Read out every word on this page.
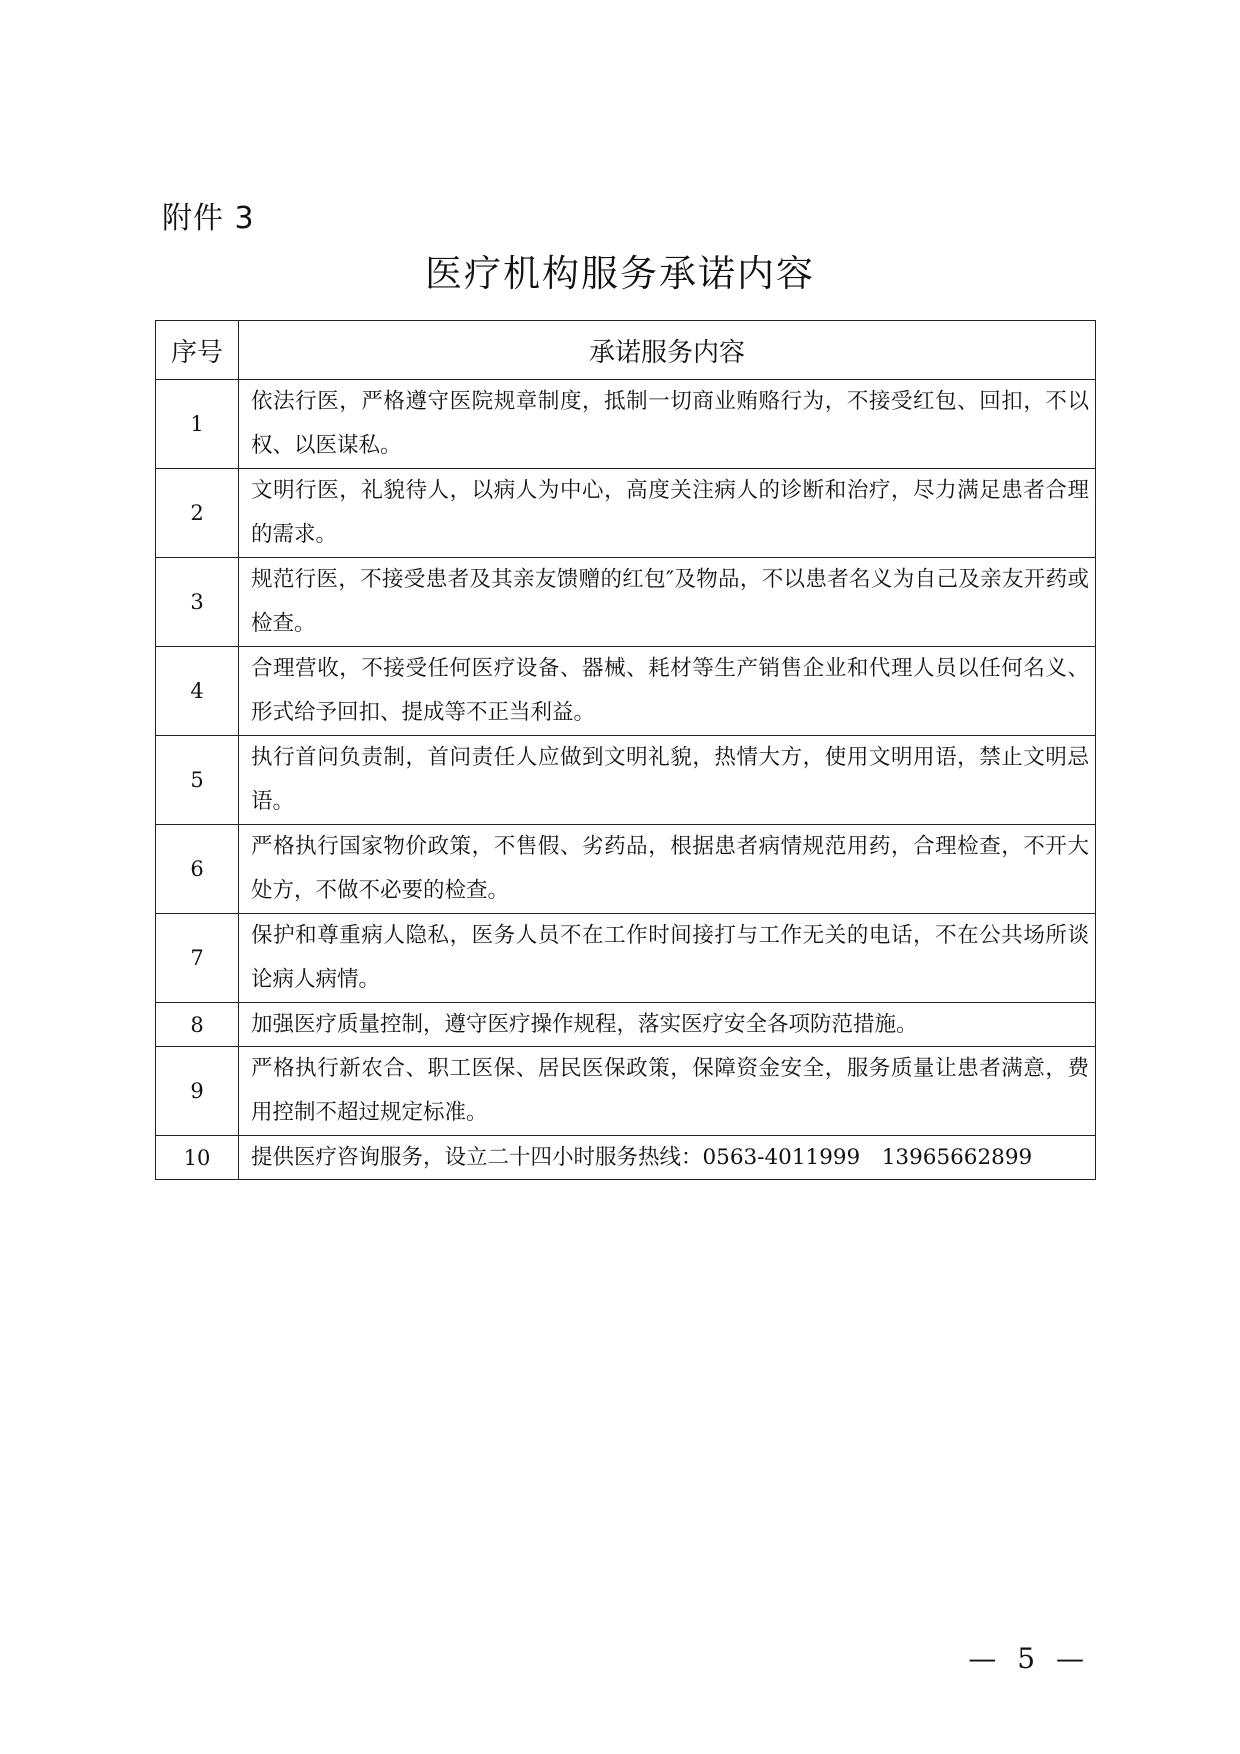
附件 3
医疗机构服务承诺内容
序号	承诺服务内容
1	依法行医，严格遵守医院规章制度，抵制一切商业贿赂行为，不接受红包、回扣，不以权、以医谋私。
2	文明行医，礼貌待人，以病人为中心，高度关注病人的诊断和治疗，尽力满足患者合理的需求。
3	规范行医，不接受患者及其亲友馈赠的红包″及物品，不以患者名义为自己及亲友开药或检查。
4	合理营收，不接受任何医疗设备、器械、耗材等生产销售企业和代理人员以任何名义、形式给予回扣、提成等不正当利益。
5	执行首问负责制，首问责任人应做到文明礼貌，热情大方，使用文明用语，禁止文明忌语。
6	严格执行国家物价政策，不售假、劣药品，根据患者病情规范用药，合理检查，不开大处方，不做不必要的检查。
7	保护和尊重病人隐私，医务人员不在工作时间接打与工作无关的电话，不在公共场所谈论病人病情。
8	加强医疗质量控制，遵守医疗操作规程，落实医疗安全各项防范措施。
9	严格执行新农合、职工医保、居民医保政策，保障资金安全，服务质量让患者满意，费用控制不超过规定标准。
10	提供医疗咨询服务，设立二十四小时服务热线：0563-4011999　13965662899
— 5 —
